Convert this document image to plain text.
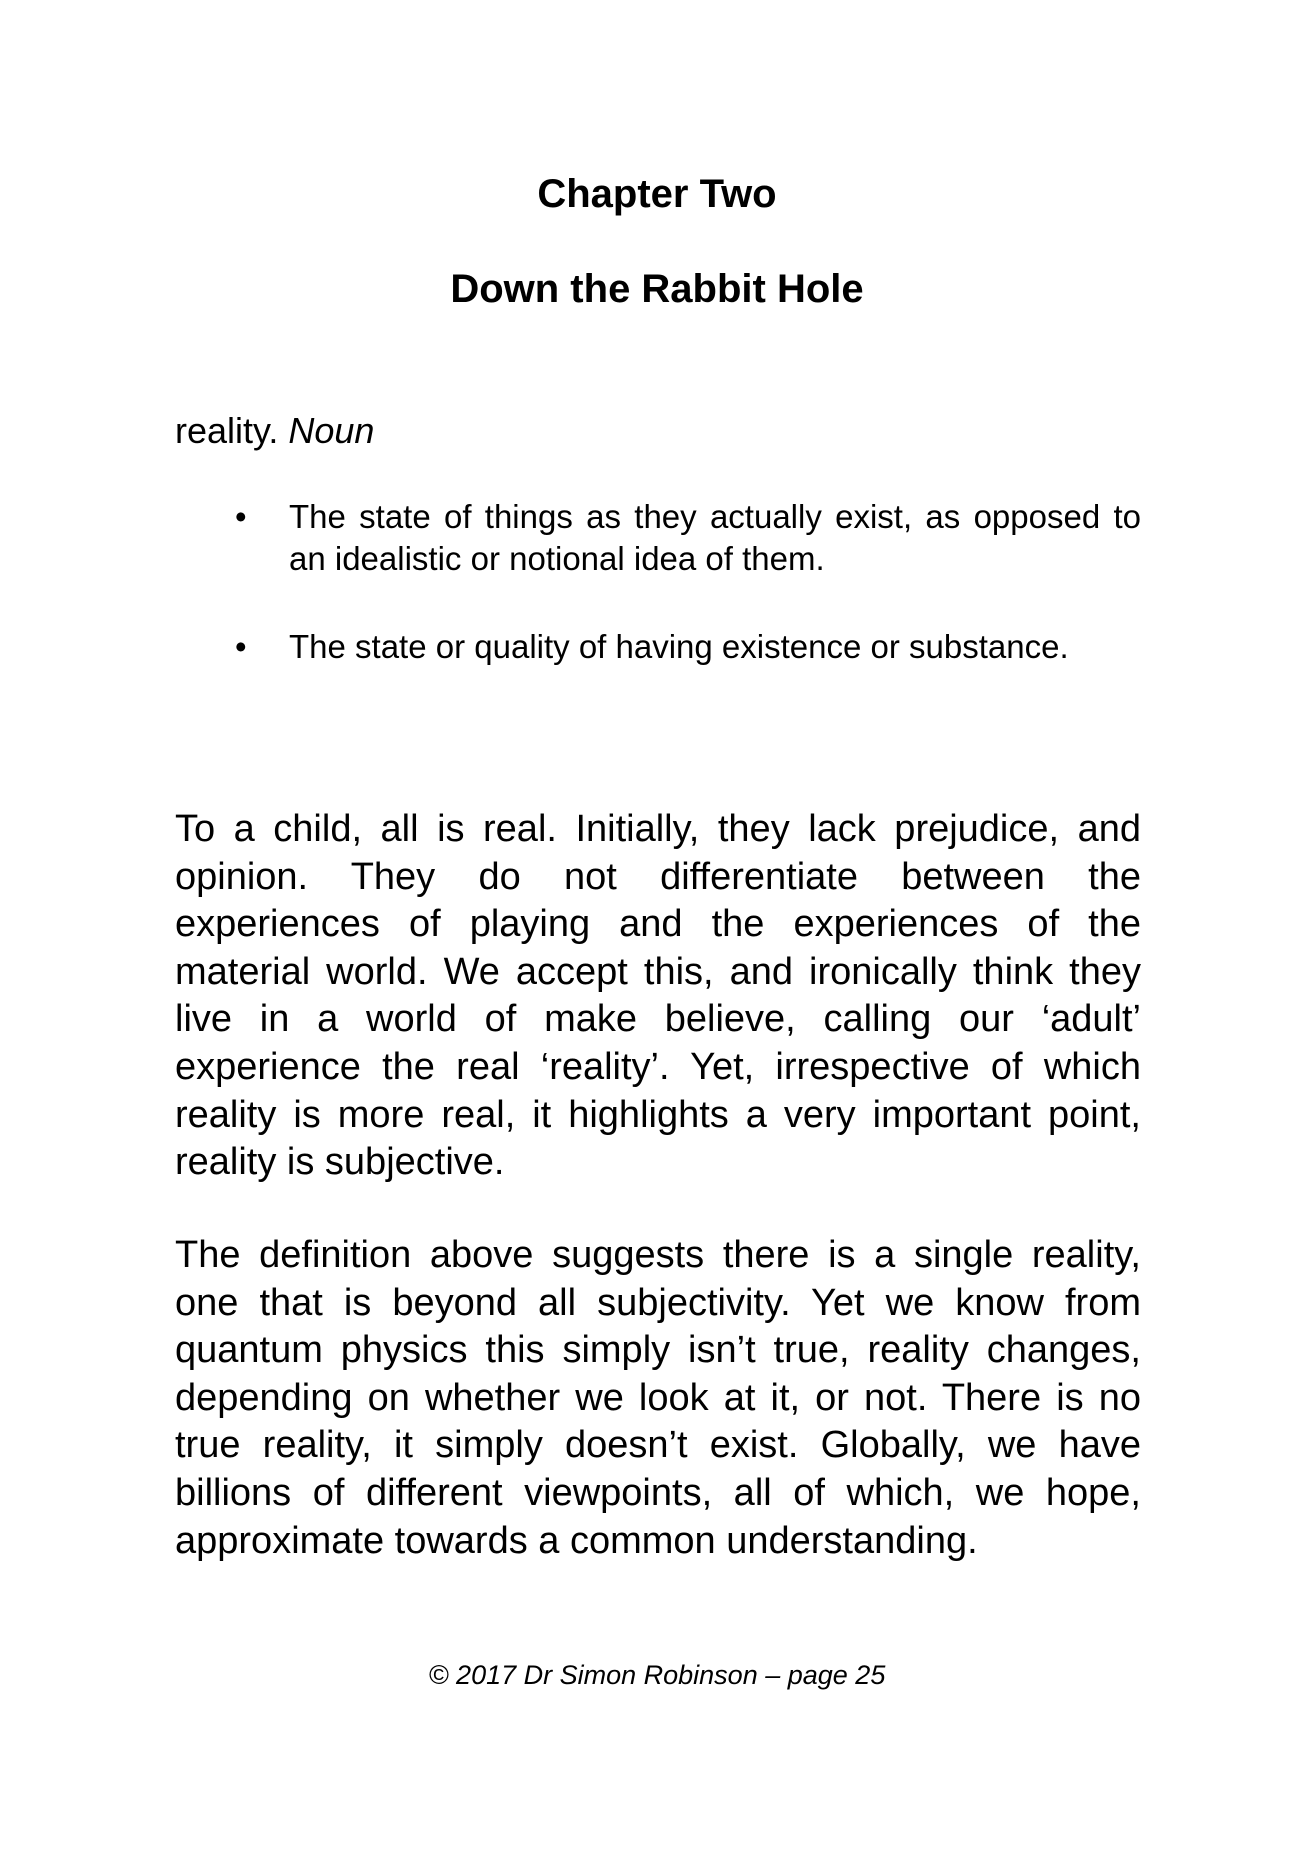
Chapter Two
Down the Rabbit Hole

reality. Noun

• The state of things as they actually exist, as opposed to an idealistic or notional idea of them.
• The state or quality of having existence or substance.

To a child, all is real. Initially, they lack prejudice, and opinion. They do not differentiate between the experiences of playing and the experiences of the material world. We accept this, and ironically think they live in a world of make believe, calling our ‘adult’ experience the real ‘reality’. Yet, irrespective of which reality is more real, it highlights a very important point, reality is subjective.

The definition above suggests there is a single reality, one that is beyond all subjectivity. Yet we know from quantum physics this simply isn’t true, reality changes, depending on whether we look at it, or not. There is no true reality, it simply doesn’t exist. Globally, we have billions of different viewpoints, all of which, we hope, approximate towards a common understanding.

© 2017 Dr Simon Robinson – page 25
